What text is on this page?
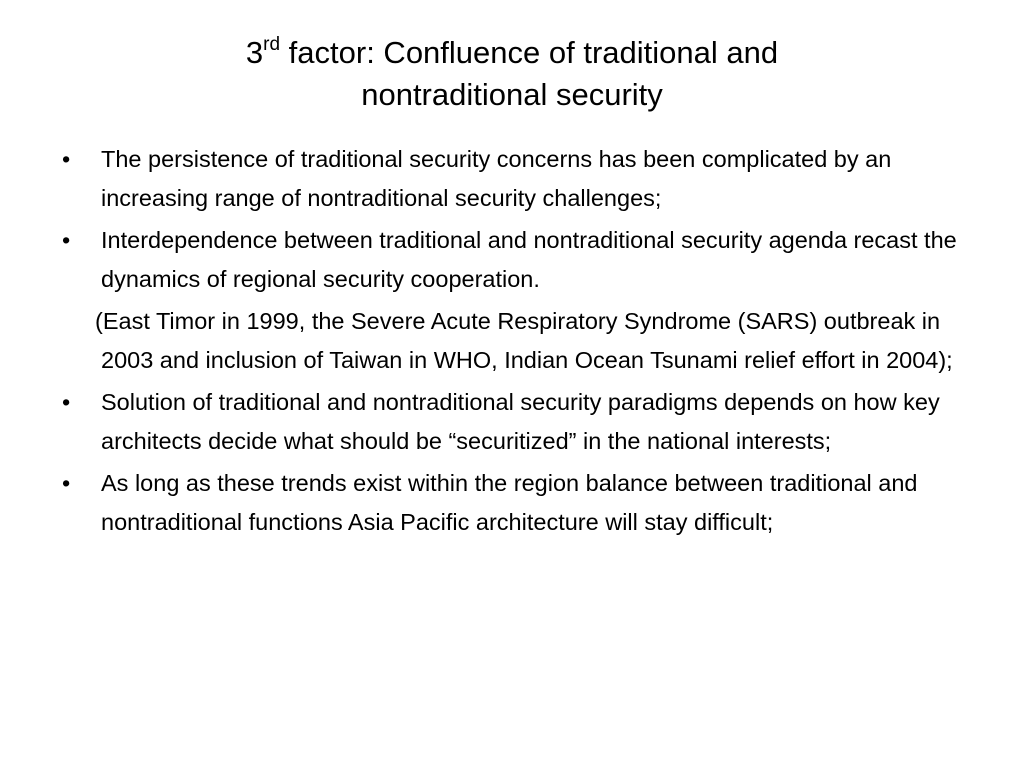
3rd factor: Confluence of traditional and
nontraditional security
•	The persistence of traditional security concerns has been complicated by an increasing range of nontraditional security challenges;
•	Interdependence between traditional and nontraditional security agenda recast the dynamics of regional security cooperation.
(East Timor in 1999, the Severe Acute Respiratory Syndrome (SARS) outbreak in 2003 and inclusion of Taiwan in WHO, Indian Ocean Tsunami relief effort in 2004);
•	Solution of traditional and nontraditional security paradigms depends on how key architects decide what should be “securitized” in the national interests;
•	As long as these trends exist within the region balance between traditional and nontraditional functions Asia Pacific architecture will stay difficult;
